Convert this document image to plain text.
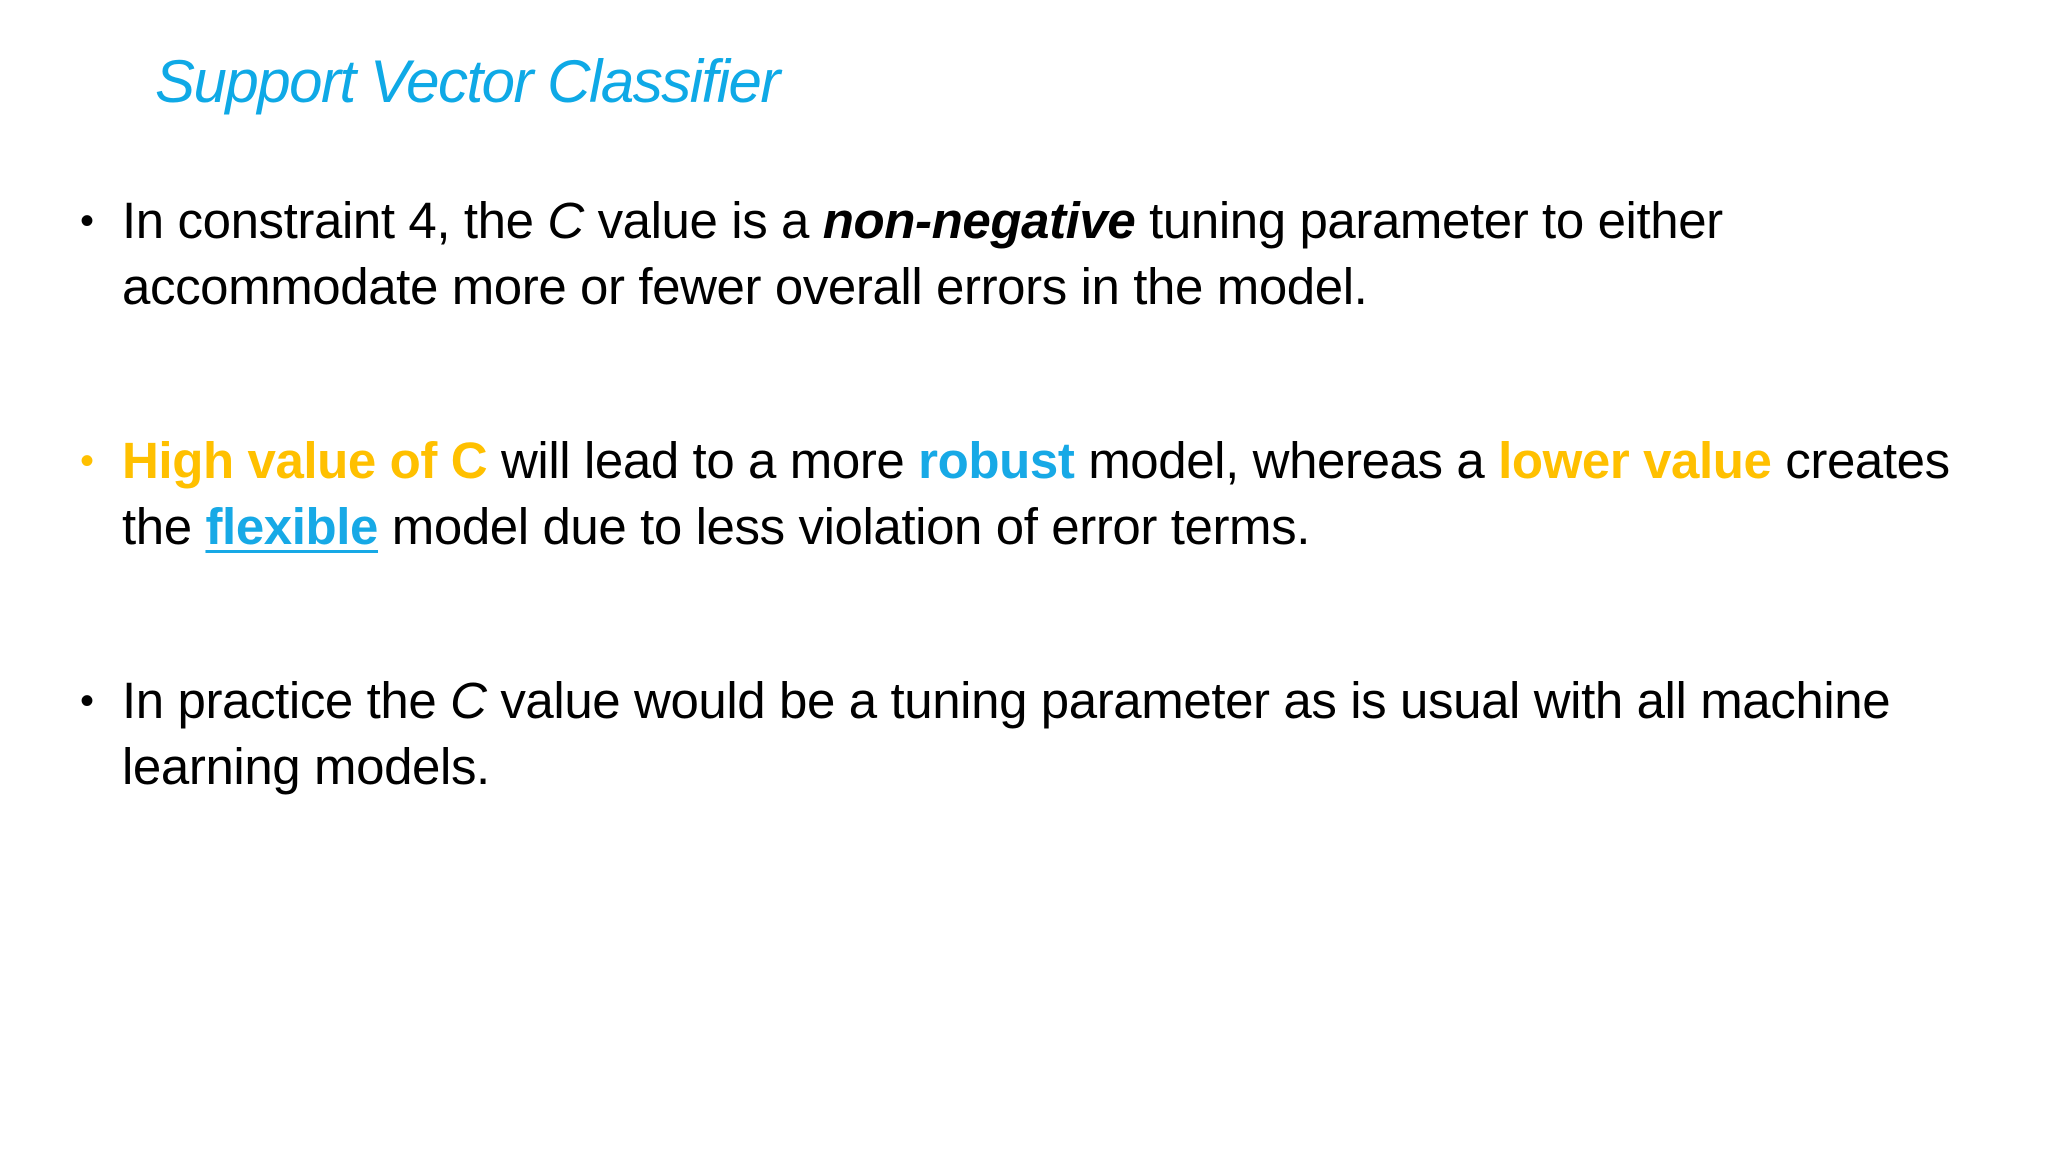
Support Vector Classifier
• In constraint 4, the C value is a non-negative tuning parameter to either accommodate more or fewer overall errors in the model.
• High value of C will lead to a more robust model, whereas a lower value creates the flexible model due to less violation of error terms.
• In practice the C value would be a tuning parameter as is usual with all machine learning models.
